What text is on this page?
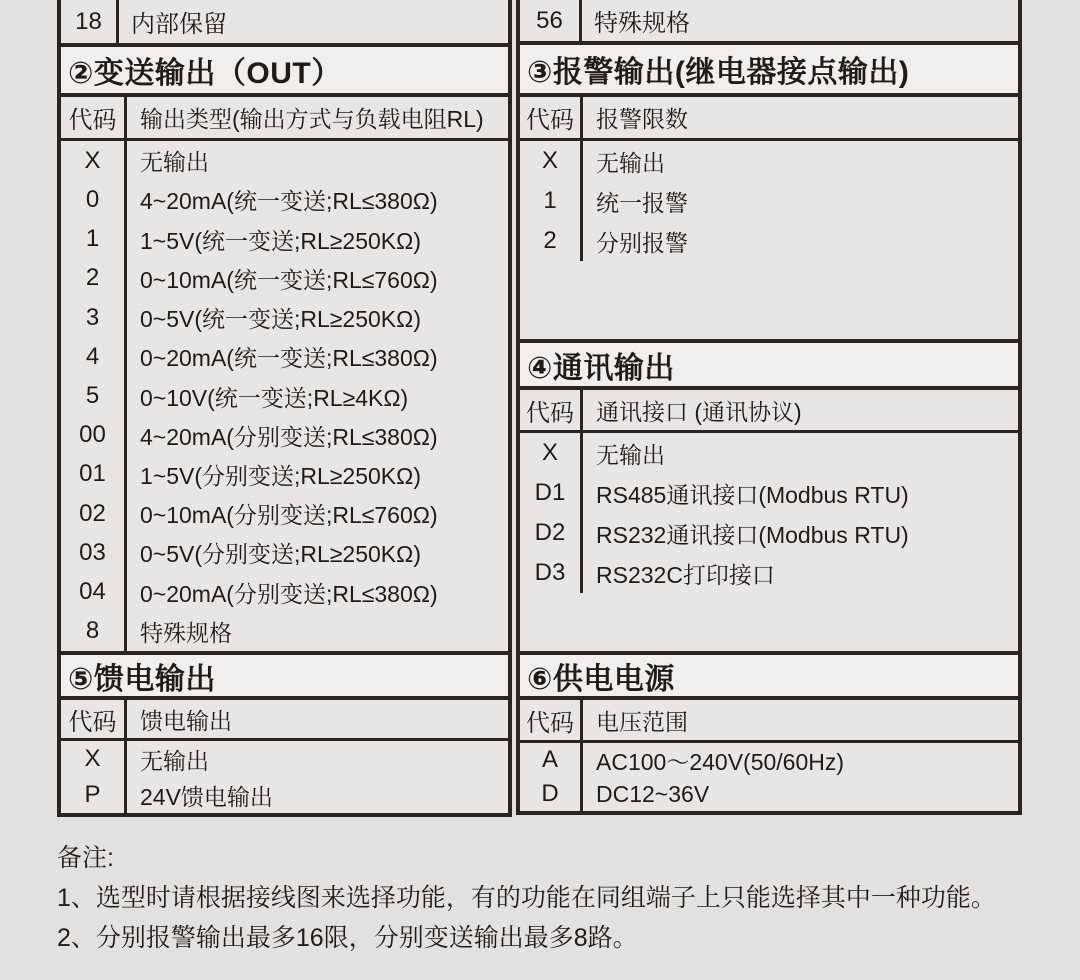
18	内部保留
②变送输出（OUT）
代码	输出类型(输出方式与负载电阻RL)
X	无输出
0	4~20mA(统一变送;RL≤380Ω)
1	1~5V(统一变送;RL≥250KΩ)
2	0~10mA(统一变送;RL≤760Ω)
3	0~5V(统一变送;RL≥250KΩ)
4	0~20mA(统一变送;RL≤380Ω)
5	0~10V(统一变送;RL≥4KΩ)
00	4~20mA(分别变送;RL≤380Ω)
01	1~5V(分别变送;RL≥250KΩ)
02	0~10mA(分别变送;RL≤760Ω)
03	0~5V(分别变送;RL≥250KΩ)
04	0~20mA(分别变送;RL≤380Ω)
8	特殊规格
⑤馈电输出
代码	馈电输出
X	无输出
P	24V馈电输出
56	特殊规格
③报警输出(继电器接点输出)
代码 报警限数
X	无输出
1	统一报警
2	分别报警
④通讯输出
代码 通讯接口 (通讯协议)
X	无输出
D1	RS485通讯接口(Modbus RTU)
D2	RS232通讯接口(Modbus RTU)
D3	RS232C打印接口
⑥供电电源
代码 电压范围
A	AC100～240V(50/60Hz)
D	DC12~36V
备注:
1、选型时请根据接线图来选择功能，有的功能在同组端子上只能选择其中一种功能。
2、分别报警输出最多16限，分别变送输出最多8路。
